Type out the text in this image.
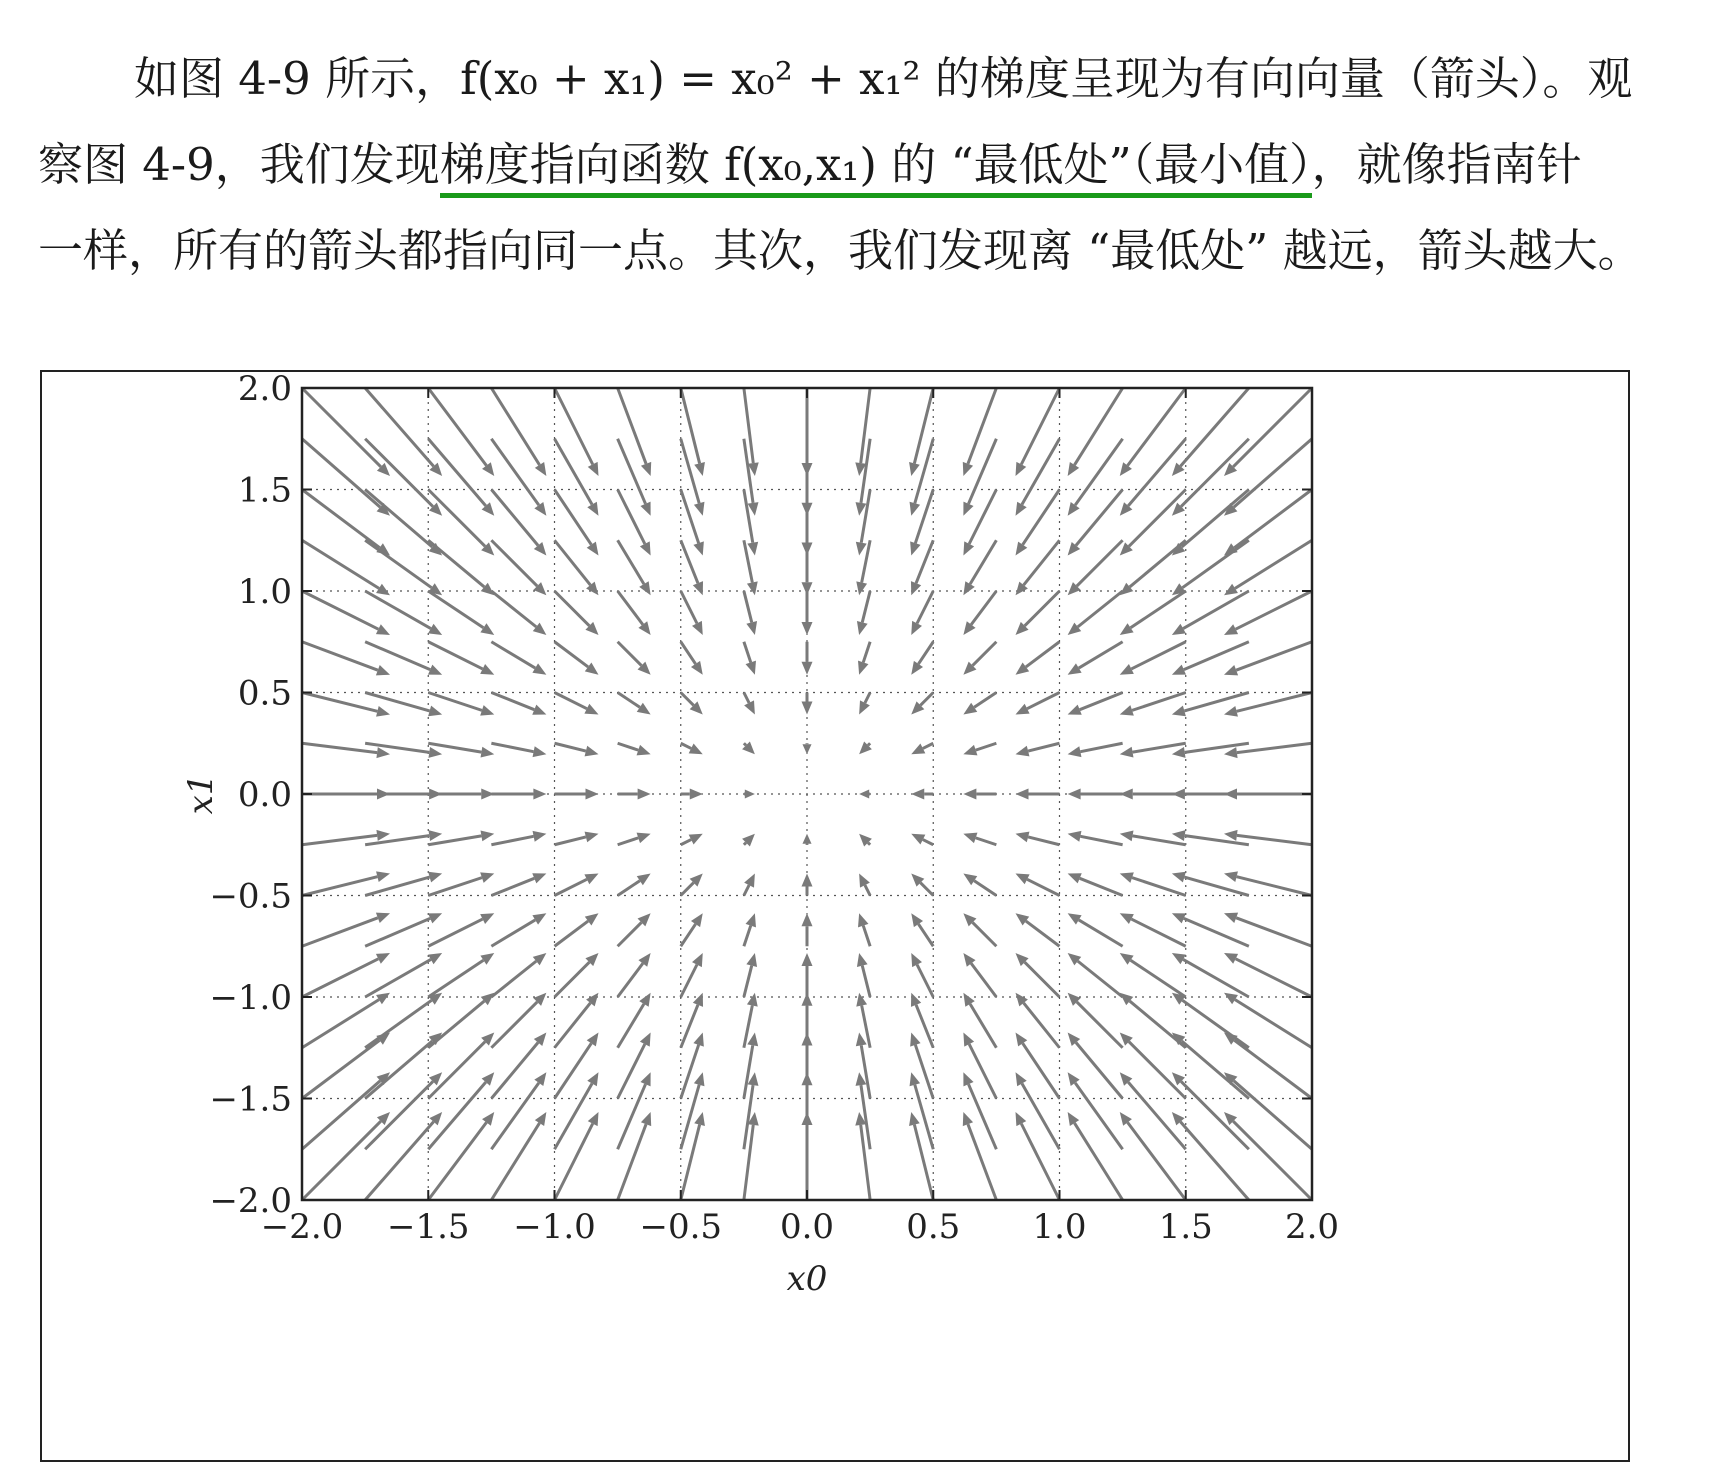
如图 4-9 所示，f(x₀ + x₁) = x₀² + x₁² 的梯度呈现为有向向量（箭头）。观
察图 4-9，我们发现梯度指向函数 f(x₀,x₁) 的 “最低处”（最小值），就像指南针
一样，所有的箭头都指向同一点。其次，我们发现离 “最低处” 越远，箭头越大。

−2.0 −1.5 −1.0 −0.5 0.0 0.5 1.0 1.5 2.0
−2.0
−1.5
−1.0
−0.5
0.0
0.5
1.0
1.5
2.0
x0
x1
